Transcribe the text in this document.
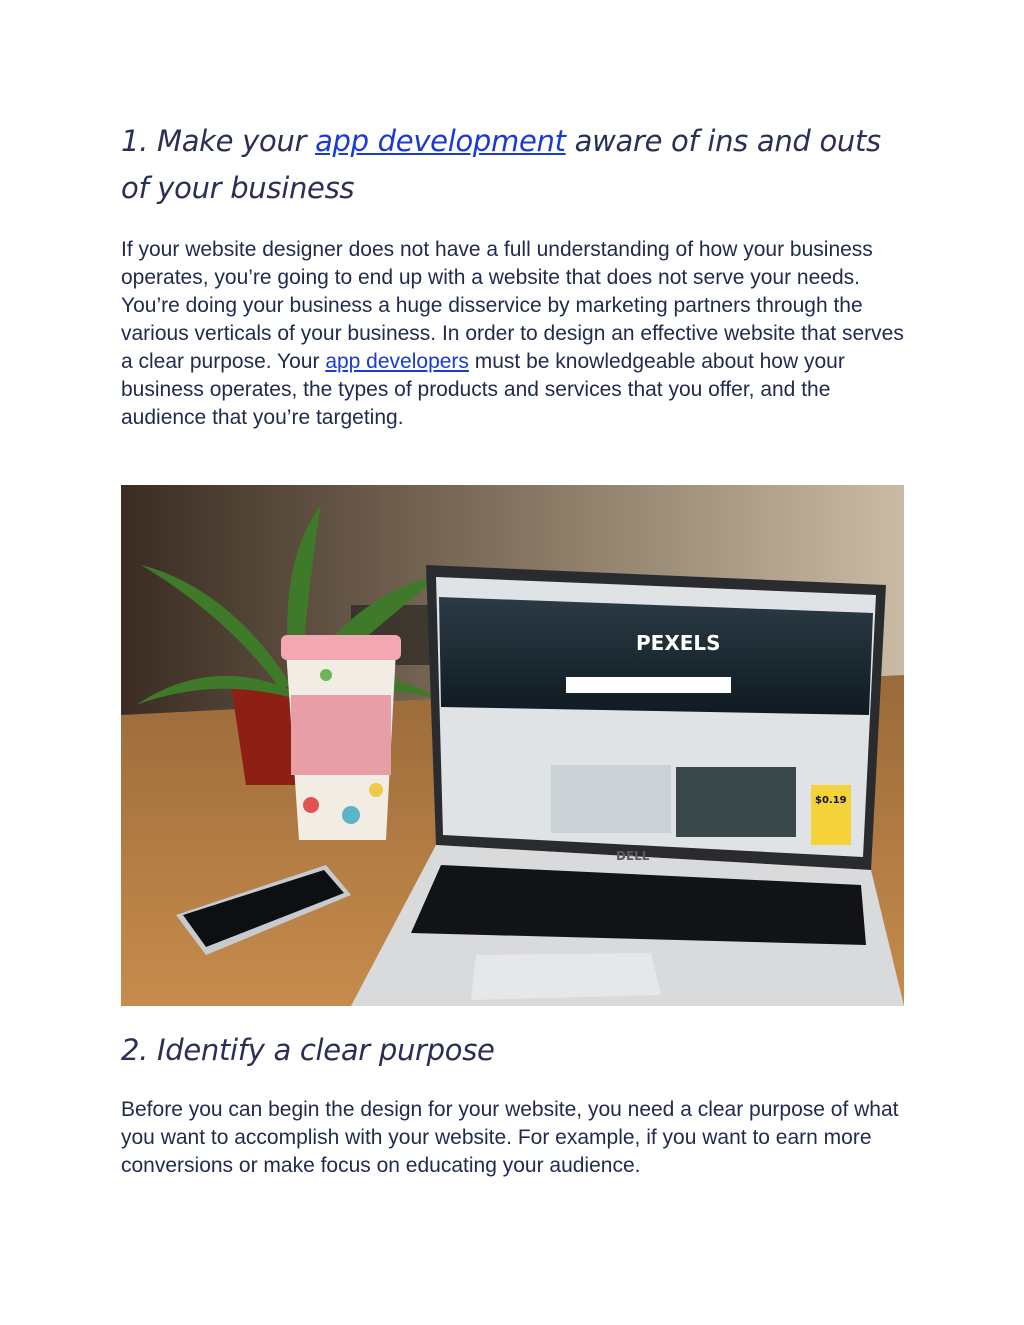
1. Make your app development aware of ins and outs of your business
If your website designer does not have a full understanding of how your business operates, you’re going to end up with a website that does not serve your needs. You’re doing your business a huge disservice by marketing partners through the various verticals of your business. In order to design an effective website that serves a clear purpose. Your app developers must be knowledgeable about how your business operates, the types of products and services that you offer, and the audience that you’re targeting.
PEXELS
$0.19
DELL
2. Identify a clear purpose
Before you can begin the design for your website, you need a clear purpose of what you want to accomplish with your website. For example, if you want to earn more conversions or make focus on educating your audience.
